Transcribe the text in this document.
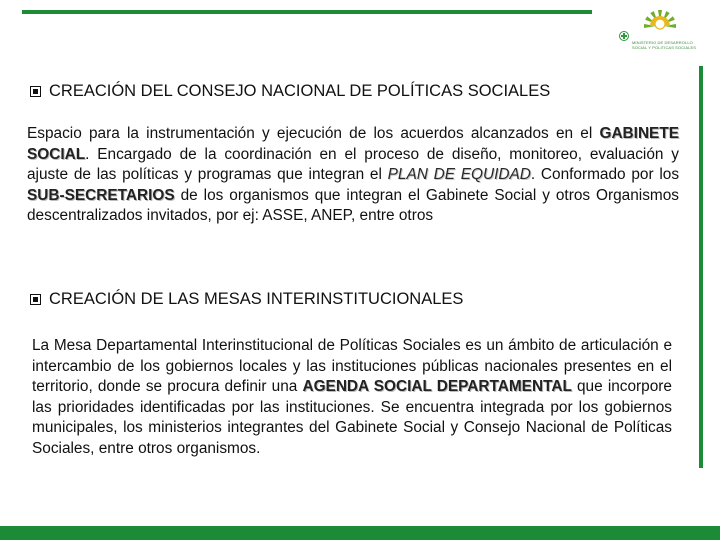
MINISTERIO DE DESARROLLO
SOCIAL Y POLITICAS SOCIALES
CREACIÓN DEL CONSEJO NACIONAL DE POLÍTICAS SOCIALES
Espacio para la instrumentación y ejecución de los acuerdos alcanzados en el GABINETE SOCIAL. Encargado de la coordinación en el proceso de diseño, monitoreo, evaluación y ajuste de las políticas y programas que integran el PLAN DE EQUIDAD. Conformado por los SUB-SECRETARIOS de los organismos que integran el Gabinete Social y otros Organismos descentralizados invitados, por ej: ASSE, ANEP, entre otros
CREACIÓN DE LAS MESAS INTERINSTITUCIONALES
La Mesa Departamental Interinstitucional de Políticas Sociales es un ámbito de articulación e intercambio de los gobiernos locales y las instituciones públicas nacionales presentes en el territorio, donde se procura definir una AGENDA SOCIAL DEPARTAMENTAL que incorpore las prioridades identificadas por las instituciones. Se encuentra integrada por los gobiernos municipales, los ministerios integrantes del Gabinete Social y Consejo Nacional de Políticas Sociales, entre otros organismos.
